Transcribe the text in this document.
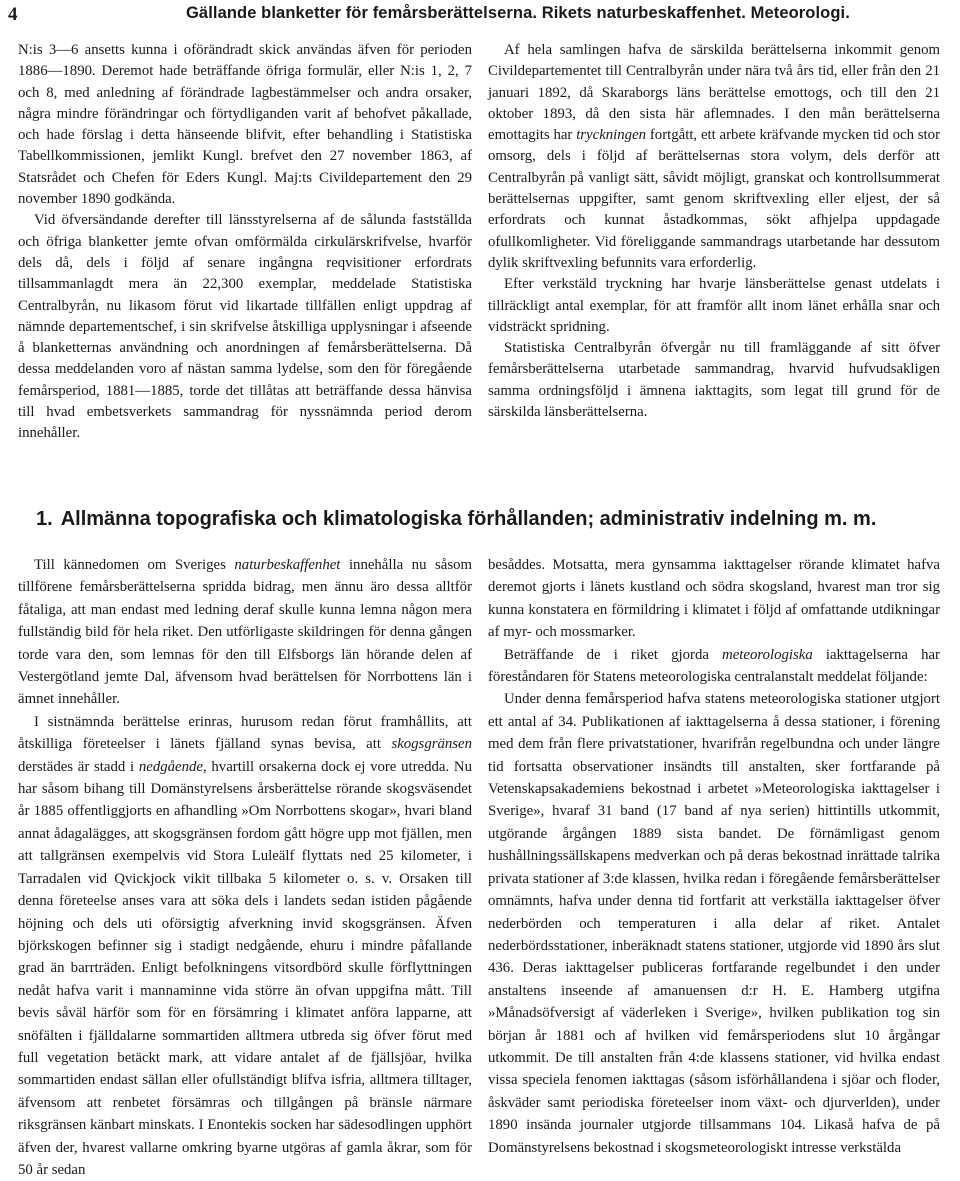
4	Gällande blanketter för femårsberättelserna. Rikets naturbeskaffenhet. Meteorologi.

N:is 3—6 ansetts kunna i oförändradt skick användas äfven för perioden 1886—1890. Deremot hade beträffande öfriga formulär, eller N:is 1, 2, 7 och 8, med anledning af förändrade lagbestämmelser och andra orsaker, några mindre förändringar och förtydliganden varit af behofvet påkallade, och hade förslag i detta hänseende blifvit, efter behandling i Statistiska Tabellkommissionen, jemlikt Kungl. brefvet den 27 november 1863, af Statsrådet och Chefen för Eders Kungl. Maj:ts Civildepartement den 29 november 1890 godkända.

Vid öfversändande derefter till länsstyrelserna af de sålunda fastställda och öfriga blanketter jemte ofvan omförmälda cirkulärskrifvelse, hvarför dels då, dels i följd af senare ingångna reqvisitioner erfordrats tillsammanlagdt mera än 22,300 exemplar, meddelade Statistiska Centralbyrån, nu likasom förut vid likartade tillfällen enligt uppdrag af nämnde departementschef, i sin skrifvelse åtskilliga upplysningar i afseende å blanketternas användning och anordningen af femårsberättelserna. Då dessa meddelanden voro af nästan samma lydelse, som den för föregående femårsperiod, 1881—1885, torde det tillåtas att beträffande dessa hänvisa till hvad embetsverkets sammandrag för nyssnämnda period derom innehåller.

Af hela samlingen hafva de särskilda berättelserna inkommit genom Civildepartementet till Centralbyrån under nära två års tid, eller från den 21 januari 1892, då Skaraborgs läns berättelse emottogs, och till den 21 oktober 1893, då den sista här aflemnades. I den mån berättelserna emottagits har tryckningen fortgått, ett arbete kräfvande mycken tid och stor omsorg, dels i följd af berättelsernas stora volym, dels derför att Centralbyrån på vanligt sätt, såvidt möjligt, granskat och kontrollsummerat berättelsernas uppgifter, samt genom skriftvexling eller eljest, der så erfordrats och kunnat åstadkommas, sökt afhjelpa uppdagade ofullkomligheter. Vid föreliggande sammandrags utarbetande har dessutom dylik skriftvexling befunnits vara erforderlig.

Efter verkstäld tryckning har hvarje länsberättelse genast utdelats i tillräckligt antal exemplar, för att framför allt inom länet erhålla snar och vidsträckt spridning.

Statistiska Centralbyrån öfvergår nu till framläggande af sitt öfver femårsberättelserna utarbetade sammandrag, hvarvid hufvudsakligen samma ordningsföljd i ämnena iakttagits, som legat till grund för de särskilda länsberättelserna.

1. Allmänna topografiska och klimatologiska förhållanden; administrativ indelning m. m.

Till kännedomen om Sveriges naturbeskaffenhet innehålla nu såsom tillförene femårsberättelserna spridda bidrag, men ännu äro dessa alltför fåtaliga, att man endast med ledning deraf skulle kunna lemna någon mera fullständig bild för hela riket. Den utförligaste skildringen för denna gången torde vara den, som lemnas för den till Elfsborgs län hörande delen af Vestergötland jemte Dal, äfvensom hvad berättelsen för Norrbottens län i ämnet innehåller.

I sistnämnda berättelse erinras, hurusom redan förut framhållits, att åtskilliga företeelser i länets fjälland synas bevisa, att skogsgränsen derstädes är stadd i nedgående, hvartill orsakerna dock ej vore utredda. Nu har såsom bihang till Domänstyrelsens årsberättelse rörande skogsväsendet år 1885 offentliggjorts en afhandling »Om Norrbottens skogar», hvari bland annat ådagalägges, att skogsgränsen fordom gått högre upp mot fjällen, men att tallgränsen exempelvis vid Stora Luleälf flyttats ned 25 kilometer, i Tarradalen vid Qvickjock vikit tillbaka 5 kilometer o. s. v. Orsaken till denna företeelse anses vara att söka dels i landets sedan istiden pågående höjning och dels uti oförsigtig afverkning invid skogsgränsen. Äfven björkskogen befinner sig i stadigt nedgående, ehuru i mindre påfallande grad än barrträden. Enligt befolkningens vitsordbörd skulle förflyttningen nedåt hafva varit i mannaminne vida större än ofvan uppgifna mått. Till bevis såväl härför som för en försämring i klimatet anföra lapparne, att snöfälten i fjälldalarne sommartiden alltmera utbreda sig öfver förut med full vegetation betäckt mark, att vidare antalet af de fjällsjöar, hvilka sommartiden endast sällan eller ofullständigt blifva isfria, alltmera tilltager, äfvensom att renbetet försämras och tillgången på bränsle närmare riksgränsen känbart minskats. I Enontekis socken har sädesodlingen upphört äfven der, hvarest vallarne omkring byarne utgöras af gamla åkrar, som för 50 år sedan

besåddes. Motsatta, mera gynsamma iakttagelser rörande klimatet hafva deremot gjorts i länets kustland och södra skogsland, hvarest man tror sig kunna konstatera en förmildring i klimatet i följd af omfattande utdikningar af myr- och mossmarker.

Beträffande de i riket gjorda meteorologiska iakttagelserna har föreståndaren för Statens meteorologiska centralanstalt meddelat följande:

Under denna femårsperiod hafva statens meteorologiska stationer utgjort ett antal af 34. Publikationen af iakttagelserna å dessa stationer, i förening med dem från flere privatstationer, hvarifrån regelbundna och under längre tid fortsatta observationer insändts till anstalten, sker fortfarande på Vetenskapsakademiens bekostnad i arbetet »Meteorologiska iakttagelser i Sverige», hvaraf 31 band (17 band af nya serien) hittintills utkommit, utgörande årgången 1889 sista bandet. De förnämligast genom hushållningssällskapens medverkan och på deras bekostnad inrättade talrika privata stationer af 3:de klassen, hvilka redan i föregående femårsberättelser omnämnts, hafva under denna tid fortfarit att verkställa iakttagelser öfver nederbörden och temperaturen i alla delar af riket. Antalet nederbördsstationer, inberäknadt statens stationer, utgjorde vid 1890 års slut 436. Deras iakttagelser publiceras fortfarande regelbundet i den under anstaltens inseende af amanuensen d:r H. E. Hamberg utgifna »Månadsöfversigt af väderleken i Sverige», hvilken publikation tog sin början år 1881 och af hvilken vid femårsperiodens slut 10 årgångar utkommit. De till anstalten från 4:de klassens stationer, vid hvilka endast vissa speciela fenomen iakttagas (såsom isförhållandena i sjöar och floder, åskväder samt periodiska företeelser inom växt- och djurverlden), under 1890 insända journaler utgjorde tillsammans 104. Likaså hafva de på Domänstyrelsens bekostnad i skogsmeteorologiskt intresse verkstälda
